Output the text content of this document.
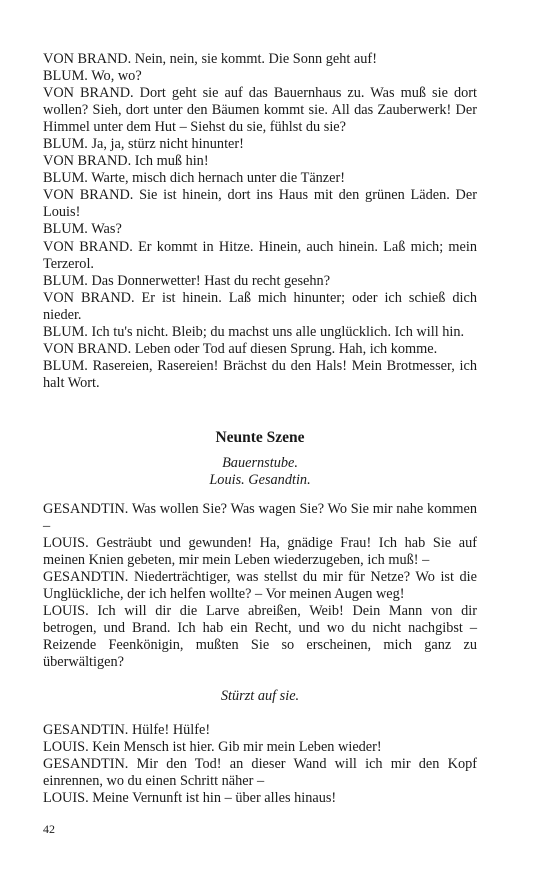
VON BRAND. Nein, nein, sie kommt. Die Sonn geht auf!

BLUM. Wo, wo?

VON BRAND. Dort geht sie auf das Bauernhaus zu. Was muß sie dort wollen? Sieh, dort unter den Bäumen kommt sie. All das Zauberwerk! Der Himmel unter dem Hut – Siehst du sie, fühlst du sie?

BLUM. Ja, ja, stürz nicht hinunter!

VON BRAND. Ich muß hin!

BLUM. Warte, misch dich hernach unter die Tänzer!

VON BRAND. Sie ist hinein, dort ins Haus mit den grünen Läden. Der Louis!

BLUM. Was?

VON BRAND. Er kommt in Hitze. Hinein, auch hinein. Laß mich; mein Terzerol.

BLUM. Das Donnerwetter! Hast du recht gesehn?

VON BRAND. Er ist hinein. Laß mich hinunter; oder ich schieß dich nieder.

BLUM. Ich tu's nicht. Bleib; du machst uns alle unglücklich. Ich will hin.

VON BRAND. Leben oder Tod auf diesen Sprung. Hah, ich komme.

BLUM. Rasereien, Rasereien! Brächst du den Hals! Mein Brotmesser, ich halt Wort.

Neunte Szene
Bauernstube.
Louis. Gesandtin.

GESANDTIN. Was wollen Sie? Was wagen Sie? Wo Sie mir nahe kommen –

LOUIS. Gesträubt und gewunden! Ha, gnädige Frau! Ich hab Sie auf meinen Knien gebeten, mir mein Leben wiederzugeben, ich muß! –

GESANDTIN. Niederträchtiger, was stellst du mir für Netze? Wo ist die Unglückliche, der ich helfen wollte? – Vor meinen Augen weg!

LOUIS. Ich will dir die Larve abreißen, Weib! Dein Mann von dir betrogen, und Brand. Ich hab ein Recht, und wo du nicht nachgibst – Reizende Feenkönigin, mußten Sie so erscheinen, mich ganz zu überwältigen?

Stürzt auf sie.

GESANDTIN. Hülfe! Hülfe!

LOUIS. Kein Mensch ist hier. Gib mir mein Leben wieder!

GESANDTIN. Mir den Tod! an dieser Wand will ich mir den Kopf einrennen, wo du einen Schritt näher –

LOUIS. Meine Vernunft ist hin – über alles hinaus!

42
